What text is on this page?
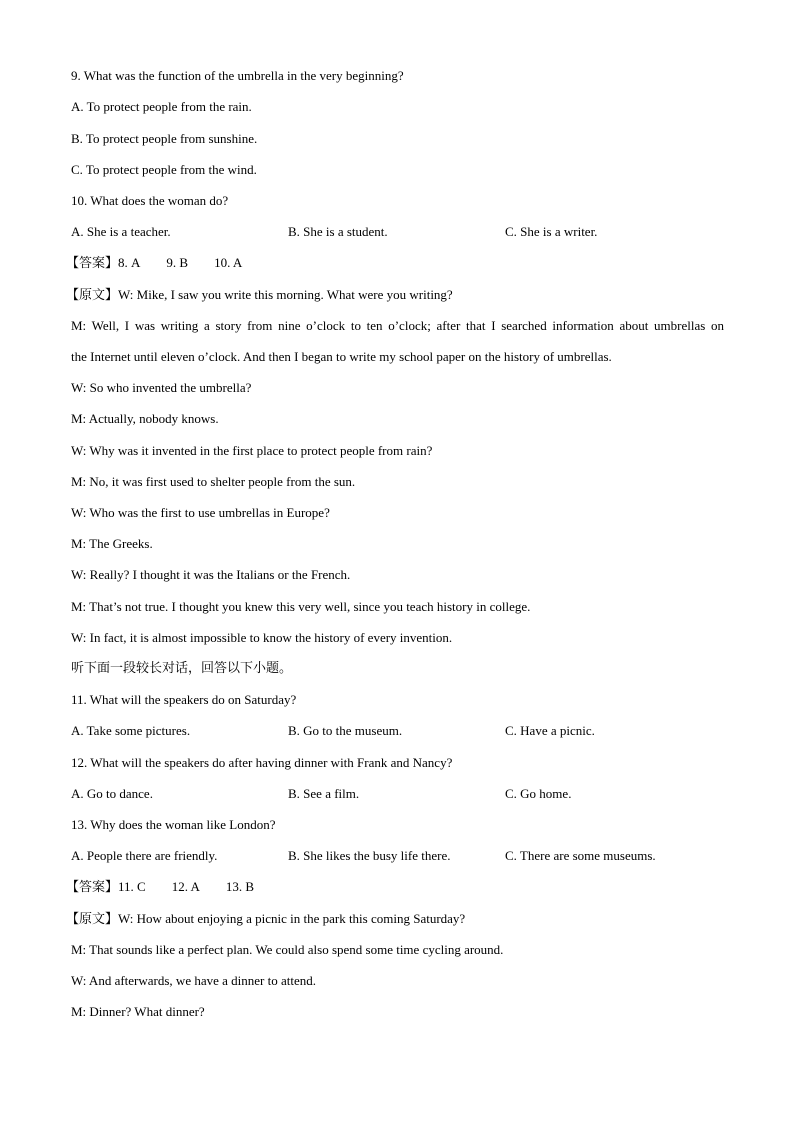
9. What was the function of the umbrella in the very beginning?
A. To protect people from the rain.
B. To protect people from sunshine.
C. To protect people from the wind.
10. What does the woman do?
A. She is a teacher.	B. She is a student.	C. She is a writer.
【答案】8. A 9. B 10. A
【原文】W: Mike, I saw you write this morning. What were you writing?
M: Well, I was writing a story from nine o’clock to ten o’clock; after that I searched information about umbrellas on
the Internet until eleven o’clock. And then I began to write my school paper on the history of umbrellas.
W: So who invented the umbrella?
M: Actually, nobody knows.
W: Why was it invented in the first place to protect people from rain?
M: No, it was first used to shelter people from the sun.
W: Who was the first to use umbrellas in Europe?
M: The Greeks.
W: Really? I thought it was the Italians or the French.
M: That’s not true. I thought you knew this very well, since you teach history in college.
W: In fact, it is almost impossible to know the history of every invention.
听下面一段较长对话，回答以下小题。
11. What will the speakers do on Saturday?
A. Take some pictures.	B. Go to the museum.	C. Have a picnic.
12. What will the speakers do after having dinner with Frank and Nancy?
A. Go to dance.	B. See a film.	C. Go home.
13. Why does the woman like London?
A. People there are friendly.	B. She likes the busy life there.	C. There are some museums.
【答案】11. C 12. A 13. B
【原文】W: How about enjoying a picnic in the park this coming Saturday?
M: That sounds like a perfect plan. We could also spend some time cycling around.
W: And afterwards, we have a dinner to attend.
M: Dinner? What dinner?
